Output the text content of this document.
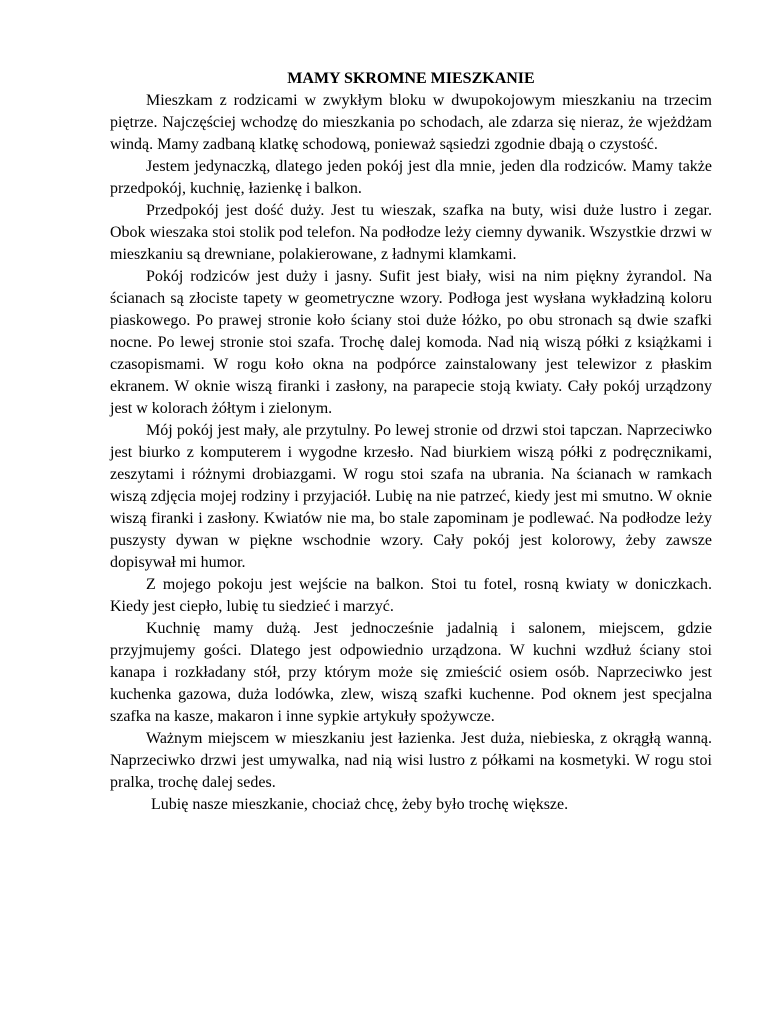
MAMY SKROMNE MIESZKANIE

Mieszkam z rodzicami w zwykłym bloku w dwupokojowym mieszkaniu na trzecim piętrze. Najczęściej wchodzę do mieszkania po schodach, ale zdarza się nieraz, że wjeżdżam windą. Mamy zadbaną klatkę schodową, ponieważ sąsiedzi zgodnie dbają o czystość.

Jestem jedynaczką, dlatego jeden pokój jest dla mnie, jeden dla rodziców. Mamy także przedpokój, kuchnię, łazienkę i balkon.

Przedpokój jest dość duży. Jest tu wieszak, szafka na buty, wisi duże lustro i zegar. Obok wieszaka stoi stolik pod telefon. Na podłodze leży ciemny dywanik. Wszystkie drzwi w mieszkaniu są drewniane, polakierowane, z ładnymi klamkami.

Pokój rodziców jest duży i jasny. Sufit jest biały, wisi na nim piękny żyrandol. Na ścianach są złociste tapety w geometryczne wzory. Podłoga jest wysłana wykładziną koloru piaskowego. Po prawej stronie koło ściany stoi duże łóżko, po obu stronach są dwie szafki nocne. Po lewej stronie stoi szafa. Trochę dalej komoda. Nad nią wiszą półki z książkami i czasopismami. W rogu koło okna na podpórce zainstalowany jest telewizor z płaskim ekranem. W oknie wiszą firanki i zasłony, na parapecie stoją kwiaty. Cały pokój urządzony jest w kolorach żółtym i zielonym.

Mój pokój jest mały, ale przytulny. Po lewej stronie od drzwi stoi tapczan. Naprzeciwko jest biurko z komputerem i wygodne krzesło. Nad biurkiem wiszą półki z podręcznikami, zeszytami i różnymi drobiazgami. W rogu stoi szafa na ubrania. Na ścianach w ramkach wiszą zdjęcia mojej rodziny i przyjaciół. Lubię na nie patrzeć, kiedy jest mi smutno. W oknie wiszą firanki i zasłony. Kwiatów nie ma, bo stale zapominam je podlewać. Na podłodze leży puszysty dywan w piękne wschodnie wzory. Cały pokój jest kolorowy, żeby zawsze dopisywał mi humor.

Z mojego pokoju jest wejście na balkon. Stoi tu fotel, rosną kwiaty w doniczkach. Kiedy jest ciepło, lubię tu siedzieć i marzyć.

Kuchnię mamy dużą. Jest jednocześnie jadalnią i salonem, miejscem, gdzie przyjmujemy gości. Dlatego jest odpowiednio urządzona. W kuchni wzdłuż ściany stoi kanapa i rozkładany stół, przy którym może się zmieścić osiem osób. Naprzeciwko jest kuchenka gazowa, duża lodówka, zlew, wiszą szafki kuchenne. Pod oknem jest specjalna szafka na kasze, makaron i inne sypkie artykuły spożywcze.

Ważnym miejscem w mieszkaniu jest łazienka. Jest duża, niebieska, z okrągłą wanną. Naprzeciwko drzwi jest umywalka, nad nią wisi lustro z półkami na kosmetyki. W rogu stoi pralka, trochę dalej sedes.

Lubię nasze mieszkanie, chociaż chcę, żeby było trochę większe.
